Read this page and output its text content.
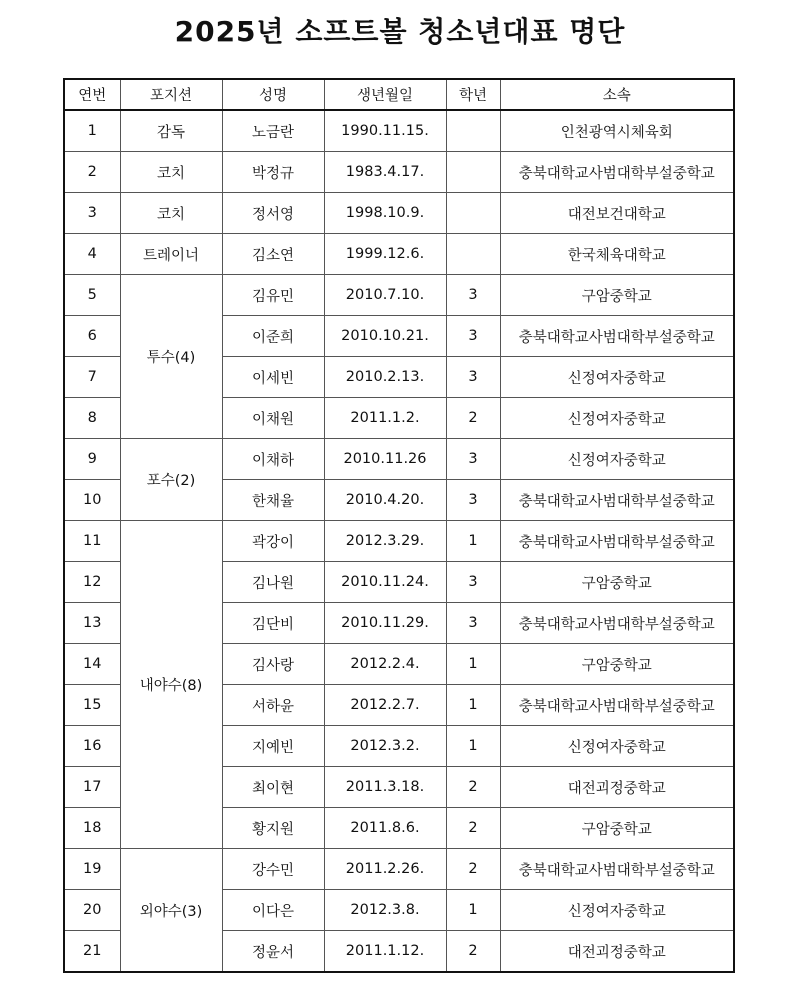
2025년 소프트볼 청소년대표 명단
연번	포지션	성명	생년월일	학년	소속
1	감독	노금란	1990.11.15.		인천광역시체육회
2	코치	박정규	1983.4.17.		충북대학교사범대학부설중학교
3	코치	정서영	1998.10.9.		대전보건대학교
4	트레이너	김소연	1999.12.6.		한국체육대학교
5	투수(4)	김유민	2010.7.10.	3	구암중학교
6		이준희	2010.10.21.	3	충북대학교사범대학부설중학교
7		이세빈	2010.2.13.	3	신정여자중학교
8		이채원	2011.1.2.	2	신정여자중학교
9	포수(2)	이채하	2010.11.26	3	신정여자중학교
10		한채율	2010.4.20.	3	충북대학교사범대학부설중학교
11	내야수(8)	곽강이	2012.3.29.	1	충북대학교사범대학부설중학교
12		김나원	2010.11.24.	3	구암중학교
13		김단비	2010.11.29.	3	충북대학교사범대학부설중학교
14		김사랑	2012.2.4.	1	구암중학교
15		서하윤	2012.2.7.	1	충북대학교사범대학부설중학교
16		지예빈	2012.3.2.	1	신정여자중학교
17		최이현	2011.3.18.	2	대전괴정중학교
18		황지원	2011.8.6.	2	구암중학교
19	외야수(3)	강수민	2011.2.26.	2	충북대학교사범대학부설중학교
20		이다은	2012.3.8.	1	신정여자중학교
21		정윤서	2011.1.12.	2	대전괴정중학교
